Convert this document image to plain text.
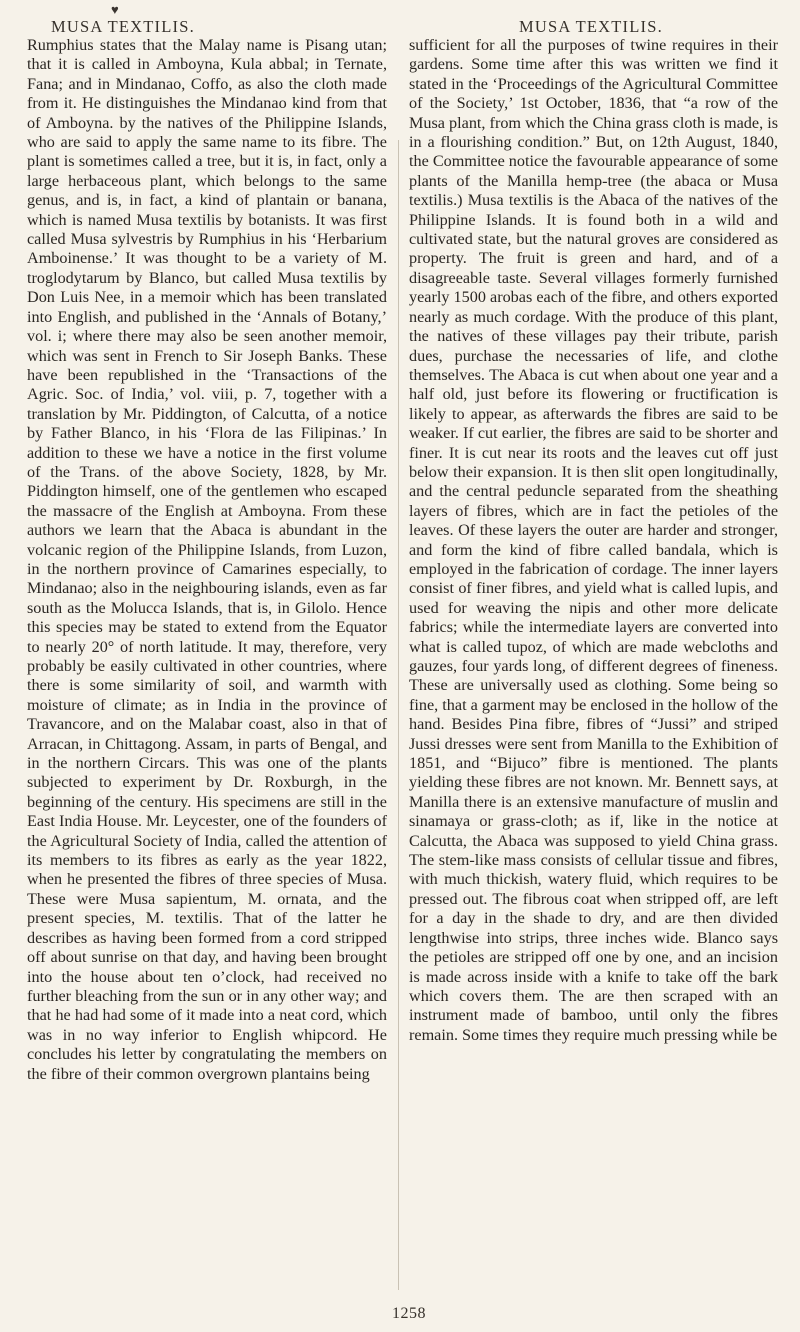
♥
MUSA TEXTILIS.	MUSA TEXTILIS.

Rumphius states that the Malay name is Pisang utan; that it is called in Amboyna, Kula abbal; in Ternate, Fana; and in Mindanao, Coffo, as also the cloth made from it. He distinguishes the Mindanao kind from that of Amboyna. by the natives of the Philippine Islands, who are said to apply the same name to its fibre. The plant is sometimes called a tree, but it is, in fact, only a large herbaceous plant, which belongs to the same genus, and is, in fact, a kind of plantain or banana, which is named Musa textilis by botanists. It was first called Musa sylvestris by Rumphius in his ‘Herbarium Amboinense.’ It was thought to be a variety of M. troglodytarum by Blanco, but called Musa textilis by Don Luis Nee, in a memoir which has been translated into English, and published in the ‘Annals of Botany,’ vol. i; where there may also be seen another memoir, which was sent in French to Sir Joseph Banks. These have been republished in the ‘Transactions of the Agric. Soc. of India,’ vol. viii, p. 7, together with a translation by Mr. Piddington, of Calcutta, of a notice by Father Blanco, in his ‘Flora de las Filipinas.’ In addition to these we have a notice in the first volume of the Trans. of the above Society, 1828, by Mr. Piddington himself, one of the gentlemen who escaped the massacre of the English at Amboyna. From these authors we learn that the Abaca is abundant in the volcanic region of the Philippine Islands, from Luzon, in the northern province of Camarines especially, to Mindanao; also in the neighbouring islands, even as far south as the Molucca Islands, that is, in Gilolo. Hence this species may be stated to extend from the Equator to nearly 20° of north latitude. It may, therefore, very probably be easily cultivated in other countries, where there is some similarity of soil, and warmth with moisture of climate; as in India in the province of Travancore, and on the Malabar coast, also in that of Arracan, in Chittagong. Assam, in parts of Bengal, and in the northern Circars. This was one of the plants subjected to experiment by Dr. Roxburgh, in the beginning of the century. His specimens are still in the East India House. Mr. Leycester, one of the founders of the Agricultural Society of India, called the attention of its members to its fibres as early as the year 1822, when he presented the fibres of three species of Musa. These were Musa sapientum, M. ornata, and the present species, M. textilis. That of the latter he describes as having been formed from a cord stripped off about sunrise on that day, and having been brought into the house about ten o’clock, had received no further bleaching from the sun or in any other way; and that he had had some of it made into a neat cord, which was in no way inferior to English whipcord. He concludes his letter by congratulating the members on the fibre of their common overgrown plantains being

sufficient for all the purposes of twine requires in their gardens. Some time after this was written we find it stated in the ‘Proceedings of the Agricultural Committee of the Society,’ 1st October, 1836, that “a row of the Musa plant, from which the China grass cloth is made, is in a flourishing condition.” But, on 12th August, 1840, the Committee notice the favourable appearance of some plants of the Manilla hemp-tree (the abaca or Musa textilis.) Musa textilis is the Abaca of the natives of the Philippine Islands. It is found both in a wild and cultivated state, but the natural groves are considered as property. The fruit is green and hard, and of a disagreeable taste. Several villages formerly furnished yearly 1500 arobas each of the fibre, and others exported nearly as much cordage. With the produce of this plant, the natives of these villages pay their tribute, parish dues, purchase the necessaries of life, and clothe themselves. The Abaca is cut when about one year and a half old, just before its flowering or fructification is likely to appear, as afterwards the fibres are said to be weaker. If cut earlier, the fibres are said to be shorter and finer. It is cut near its roots and the leaves cut off just below their expansion. It is then slit open longitudinally, and the central peduncle separated from the sheathing layers of fibres, which are in fact the petioles of the leaves. Of these layers the outer are harder and stronger, and form the kind of fibre called bandala, which is employed in the fabrication of cordage. The inner layers consist of finer fibres, and yield what is called lupis, and used for weaving the nipis and other more delicate fabrics; while the intermediate layers are converted into what is called tupoz, of which are made webcloths and gauzes, four yards long, of different degrees of fineness. These are universally used as clothing. Some being so fine, that a garment may be enclosed in the hollow of the hand. Besides Pina fibre, fibres of “Jussi” and striped Jussi dresses were sent from Manilla to the Exhibition of 1851, and “Bijuco” fibre is mentioned. The plants yielding these fibres are not known. Mr. Bennett says, at Manilla there is an extensive manufacture of muslin and sinamaya or grass-cloth; as if, like in the notice at Calcutta, the Abaca was supposed to yield China grass. The stem-like mass consists of cellular tissue and fibres, with much thickish, watery fluid, which requires to be pressed out. The fibrous coat when stripped off, are left for a day in the shade to dry, and are then divided lengthwise into strips, three inches wide. Blanco says the petioles are stripped off one by one, and an incision is made across inside with a knife to take off the bark which covers them. The are then scraped with an instrument made of bamboo, until only the fibres remain. Some times they require much pressing while be

1258
